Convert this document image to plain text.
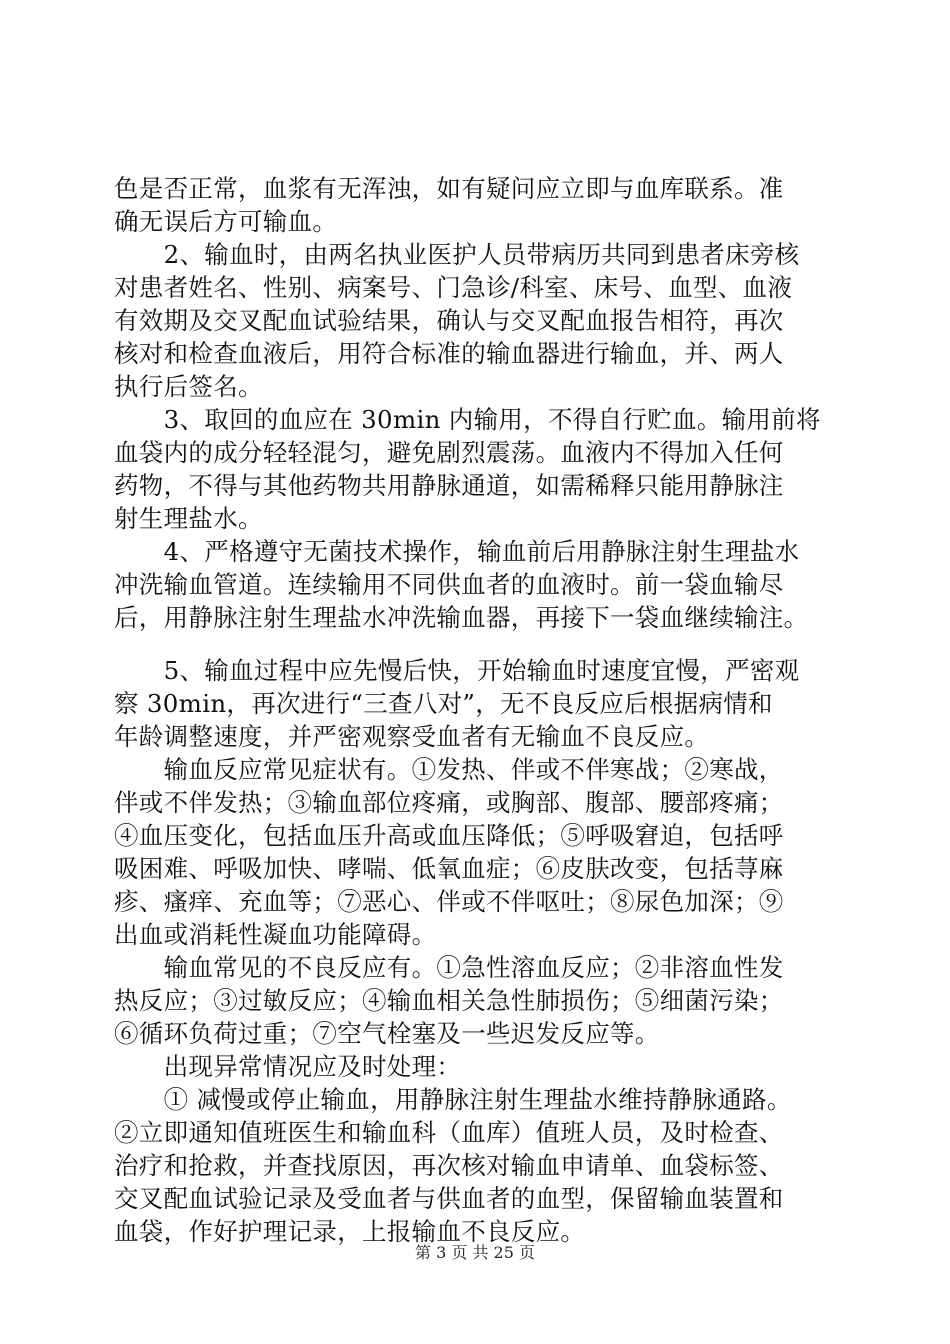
色是否正常，血浆有无浑浊，如有疑问应立即与血库联系。准
确无误后方可输血。
　　2、输血时，由两名执业医护人员带病历共同到患者床旁核
对患者姓名、性别、病案号、门急诊/科室、床号、血型、血液
有效期及交叉配血试验结果，确认与交叉配血报告相符，再次
核对和检查血液后，用符合标准的输血器进行输血，并、两人
执行后签名。
　　3、取回的血应在 30min 内输用，不得自行贮血。输用前将
血袋内的成分轻轻混匀，避免剧烈震荡。血液内不得加入任何
药物，不得与其他药物共用静脉通道，如需稀释只能用静脉注
射生理盐水。
　　4、严格遵守无菌技术操作，输血前后用静脉注射生理盐水
冲洗输血管道。连续输用不同供血者的血液时。前一袋血输尽
后，用静脉注射生理盐水冲洗输血器，再接下一袋血继续输注。
　　5、输血过程中应先慢后快，开始输血时速度宜慢，严密观
察 30min，再次进行“三查八对”，无不良反应后根据病情和
年龄调整速度，并严密观察受血者有无输血不良反应。
　　输血反应常见症状有。①发热、伴或不伴寒战；②寒战，
伴或不伴发热；③输血部位疼痛，或胸部、腹部、腰部疼痛；
④血压变化，包括血压升高或血压降低；⑤呼吸窘迫，包括呼
吸困难、呼吸加快、哮喘、低氧血症；⑥皮肤改变，包括荨麻
疹、瘙痒、充血等；⑦恶心、伴或不伴呕吐；⑧尿色加深；⑨
出血或消耗性凝血功能障碍。
　　输血常见的不良反应有。①急性溶血反应；②非溶血性发
热反应；③过敏反应；④输血相关急性肺损伤；⑤细菌污染；
⑥循环负荷过重；⑦空气栓塞及一些迟发反应等。
　　出现异常情况应及时处理：
　　① 减慢或停止输血，用静脉注射生理盐水维持静脉通路。
②立即通知值班医生和输血科（血库）值班人员，及时检查、
治疗和抢救，并查找原因，再次核对输血申请单、血袋标签、
交叉配血试验记录及受血者与供血者的血型，保留输血装置和
血袋，作好护理记录，上报输血不良反应。
第 3 页 共 25 页
